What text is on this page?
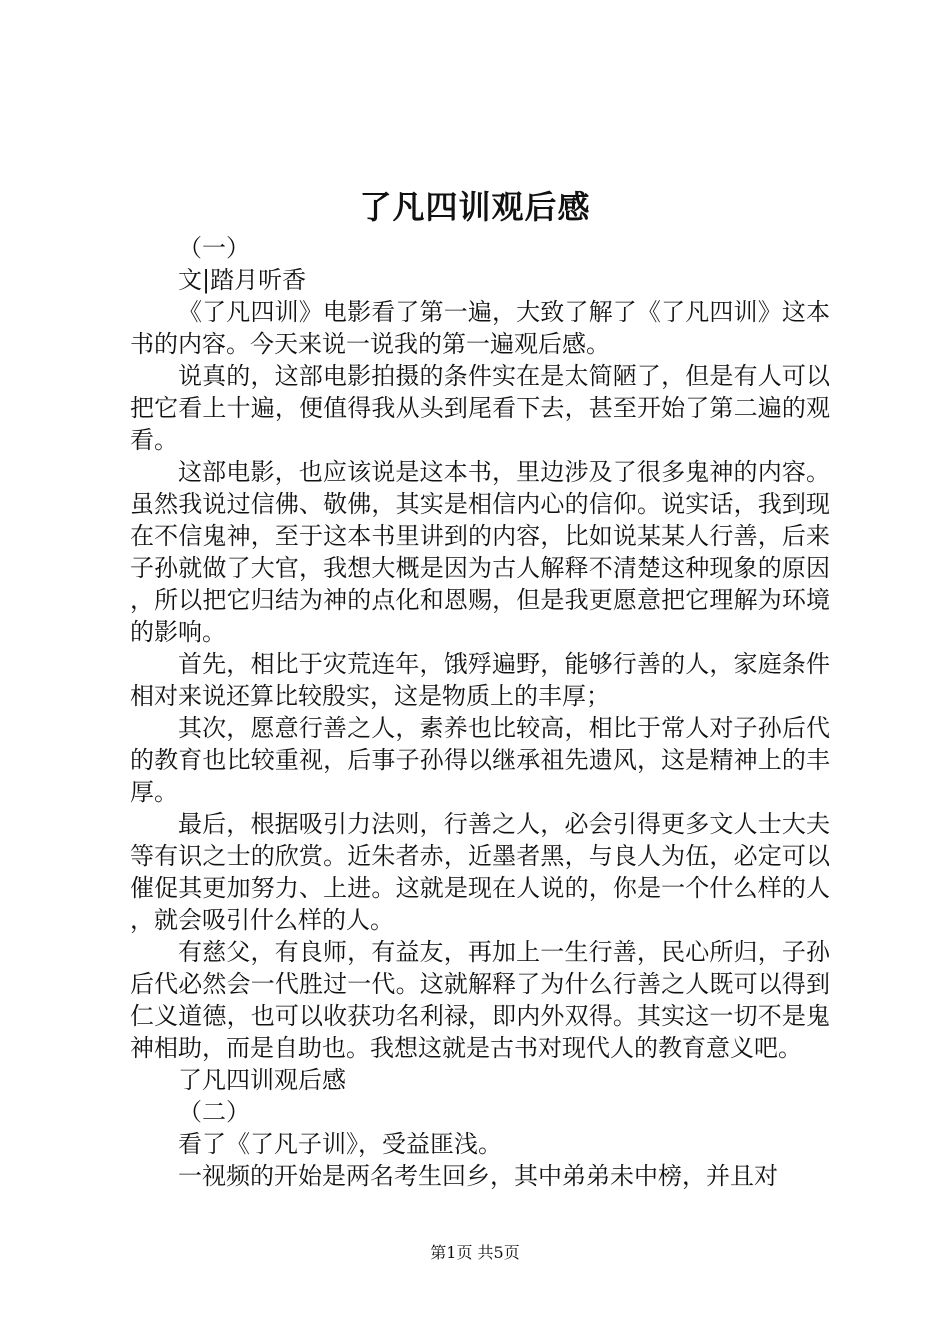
了凡四训观后感

（一）

文|踏月听香

《了凡四训》电影看了第一遍，大致了解了《了凡四训》这本书的内容。今天来说一说我的第一遍观后感。

说真的，这部电影拍摄的条件实在是太简陋了，但是有人可以把它看上十遍，便值得我从头到尾看下去，甚至开始了第二遍的观看。

这部电影，也应该说是这本书，里边涉及了很多鬼神的内容。虽然我说过信佛、敬佛，其实是相信内心的信仰。说实话，我到现在不信鬼神，至于这本书里讲到的内容，比如说某某人行善，后来子孙就做了大官，我想大概是因为古人解释不清楚这种现象的原因，所以把它归结为神的点化和恩赐，但是我更愿意把它理解为环境的影响。

首先，相比于灾荒连年，饿殍遍野，能够行善的人，家庭条件相对来说还算比较殷实，这是物质上的丰厚；

其次，愿意行善之人，素养也比较高，相比于常人对子孙后代的教育也比较重视，后事子孙得以继承祖先遗风，这是精神上的丰厚。

最后，根据吸引力法则，行善之人，必会引得更多文人士大夫等有识之士的欣赏。近朱者赤，近墨者黑，与良人为伍，必定可以催促其更加努力、上进。这就是现在人说的，你是一个什么样的人，就会吸引什么样的人。

有慈父，有良师，有益友，再加上一生行善，民心所归，子孙后代必然会一代胜过一代。这就解释了为什么行善之人既可以得到仁义道德，也可以收获功名利禄，即内外双得。其实这一切不是鬼神相助，而是自助也。我想这就是古书对现代人的教育意义吧。

了凡四训观后感

（二）

看了《了凡子训》，受益匪浅。

一视频的开始是两名考生回乡，其中弟弟未中榜，并且对

第1页 共5页
